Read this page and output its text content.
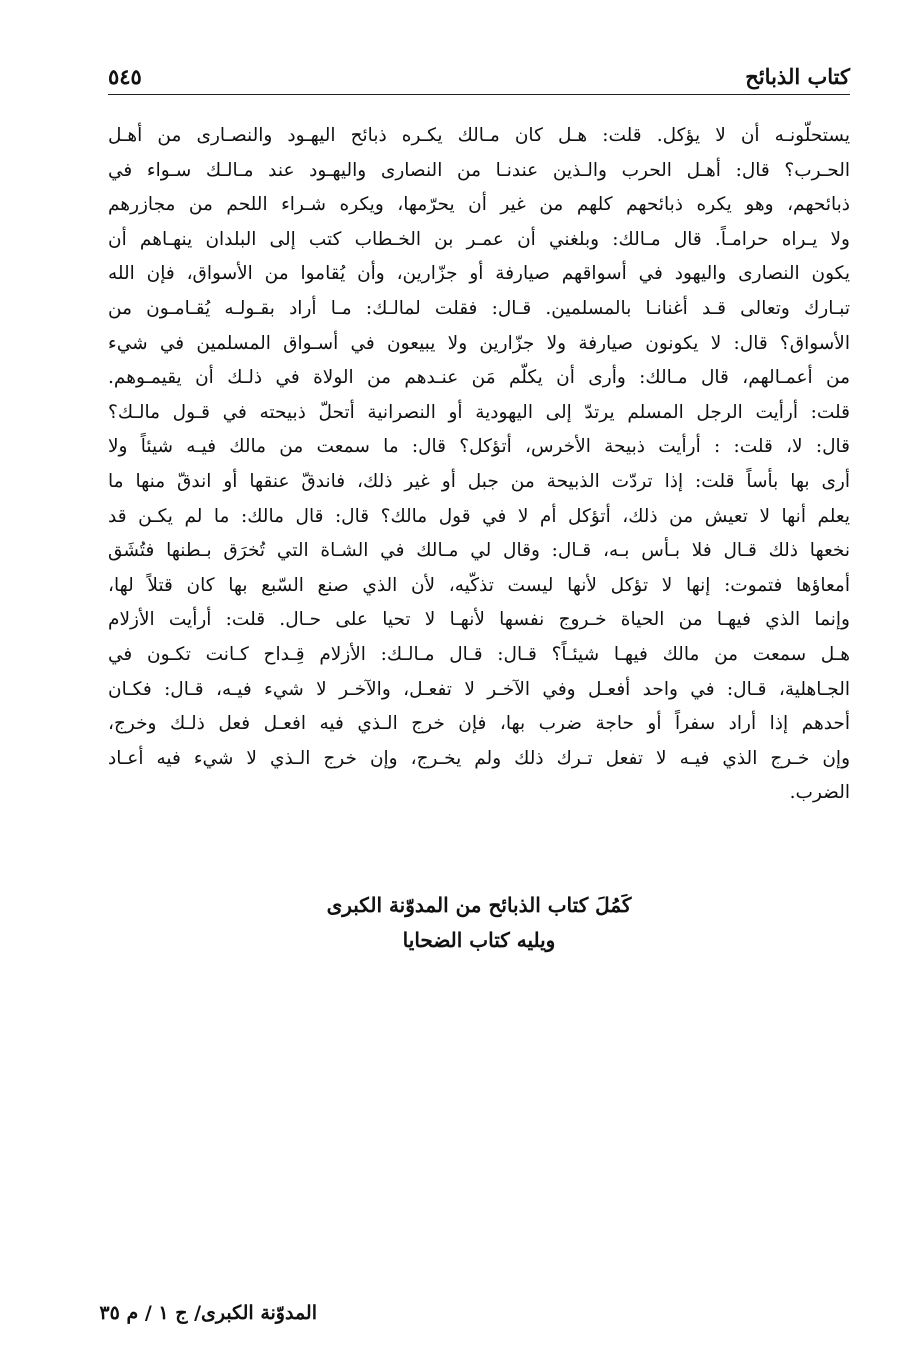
كتاب الذبائح
٥٤٥
يستحلّونـه أن لا يؤكل. قلت: هـل كان مـالك يكـره ذبائح اليهـود والنصـارى من أهـل
الحـرب؟ قال: أهـل الحرب والـذين عندنـا من النصارى واليهـود عند مـالـك سـواء في
ذبائحهم، وهو يكره ذبائحهم كلهم من غير أن يحرّمها، ويكره شـراء اللحم من مجازرهم
ولا يـراه حرامـاً. قال مـالك: وبلغني أن عمـر بن الخـطاب كتب إلى البلدان ينهـاهم أن
يكون النصارى واليهود في أسواقهم صيارفة أو جزّارين، وأن يُقاموا من الأسواق، فإن الله
تبـارك وتعالى قـد أغنانـا بالمسلمين. قـال: فقلت لمالـك: مـا أراد بقـولـه يُقـامـون من
الأسواق؟ قال: لا يكونون صيارفة ولا جزّارين ولا يبيعون في أسـواق المسلمين في شيء
من أعمـالهم، قال مـالك: وأرى أن يكلّم مَن عنـدهم من الولاة في ذلـك أن يقيمـوهم.
قلت: أرأيت الرجل المسلم يرتدّ إلى اليهودية أو النصرانية أتحلّ ذبيحته في قـول مالـك؟
قال: لا، قلت: : أرأيت ذبيحة الأخرس، أتؤكل؟ قال: ما سمعت من مالك فيـه شيئاً ولا
أرى بها بأساً قلت: إذا تردّت الذبيحة من جبل أو غير ذلك، فاندقّ عنقها أو اندقّ منها ما
يعلم أنها لا تعيش من ذلك، أتؤكل أم لا في قول مالك؟ قال: قال مالك: ما لم يكـن قد
نخعها ذلك قـال فلا بـأس بـه، قـال: وقال لي مـالك في الشـاة التي تُخرَق بـطنها فتُشَق
أمعاؤها فتموت: إنها لا تؤكل لأنها ليست تذكّيه، لأن الذي صنع السّبع بها كان قتلاً لها،
وإنما الذي فيهـا من الحياة خـروج نفسها لأنهـا لا تحيا على حـال. قلت: أرأيت الأزلام
هـل سمعت من مالك فيهـا شيئـاً؟ قـال: قـال مـالـك: الأزلام قِـداح كـانت تكـون في
الجـاهلية، قـال: في واحد أفعـل وفي الآخـر لا تفعـل، والآخـر لا شيء فيـه، قـال: فكـان
أحدهم إذا أراد سفراً أو حاجة ضرب بها، فإن خرج الـذي فيه افعـل فعل ذلـك وخرج،
وإن خـرج الذي فيـه لا تفعل تـرك ذلك ولم يخـرج، وإن خرج الـذي لا شيء فيه أعـاد
الضرب.
كَمُلَ كتاب الذبائح من المدوّنة الكبرى
ويليه كتاب الضحايا
المدوّنة الكبرى/ ج ١ / م ٣٥
